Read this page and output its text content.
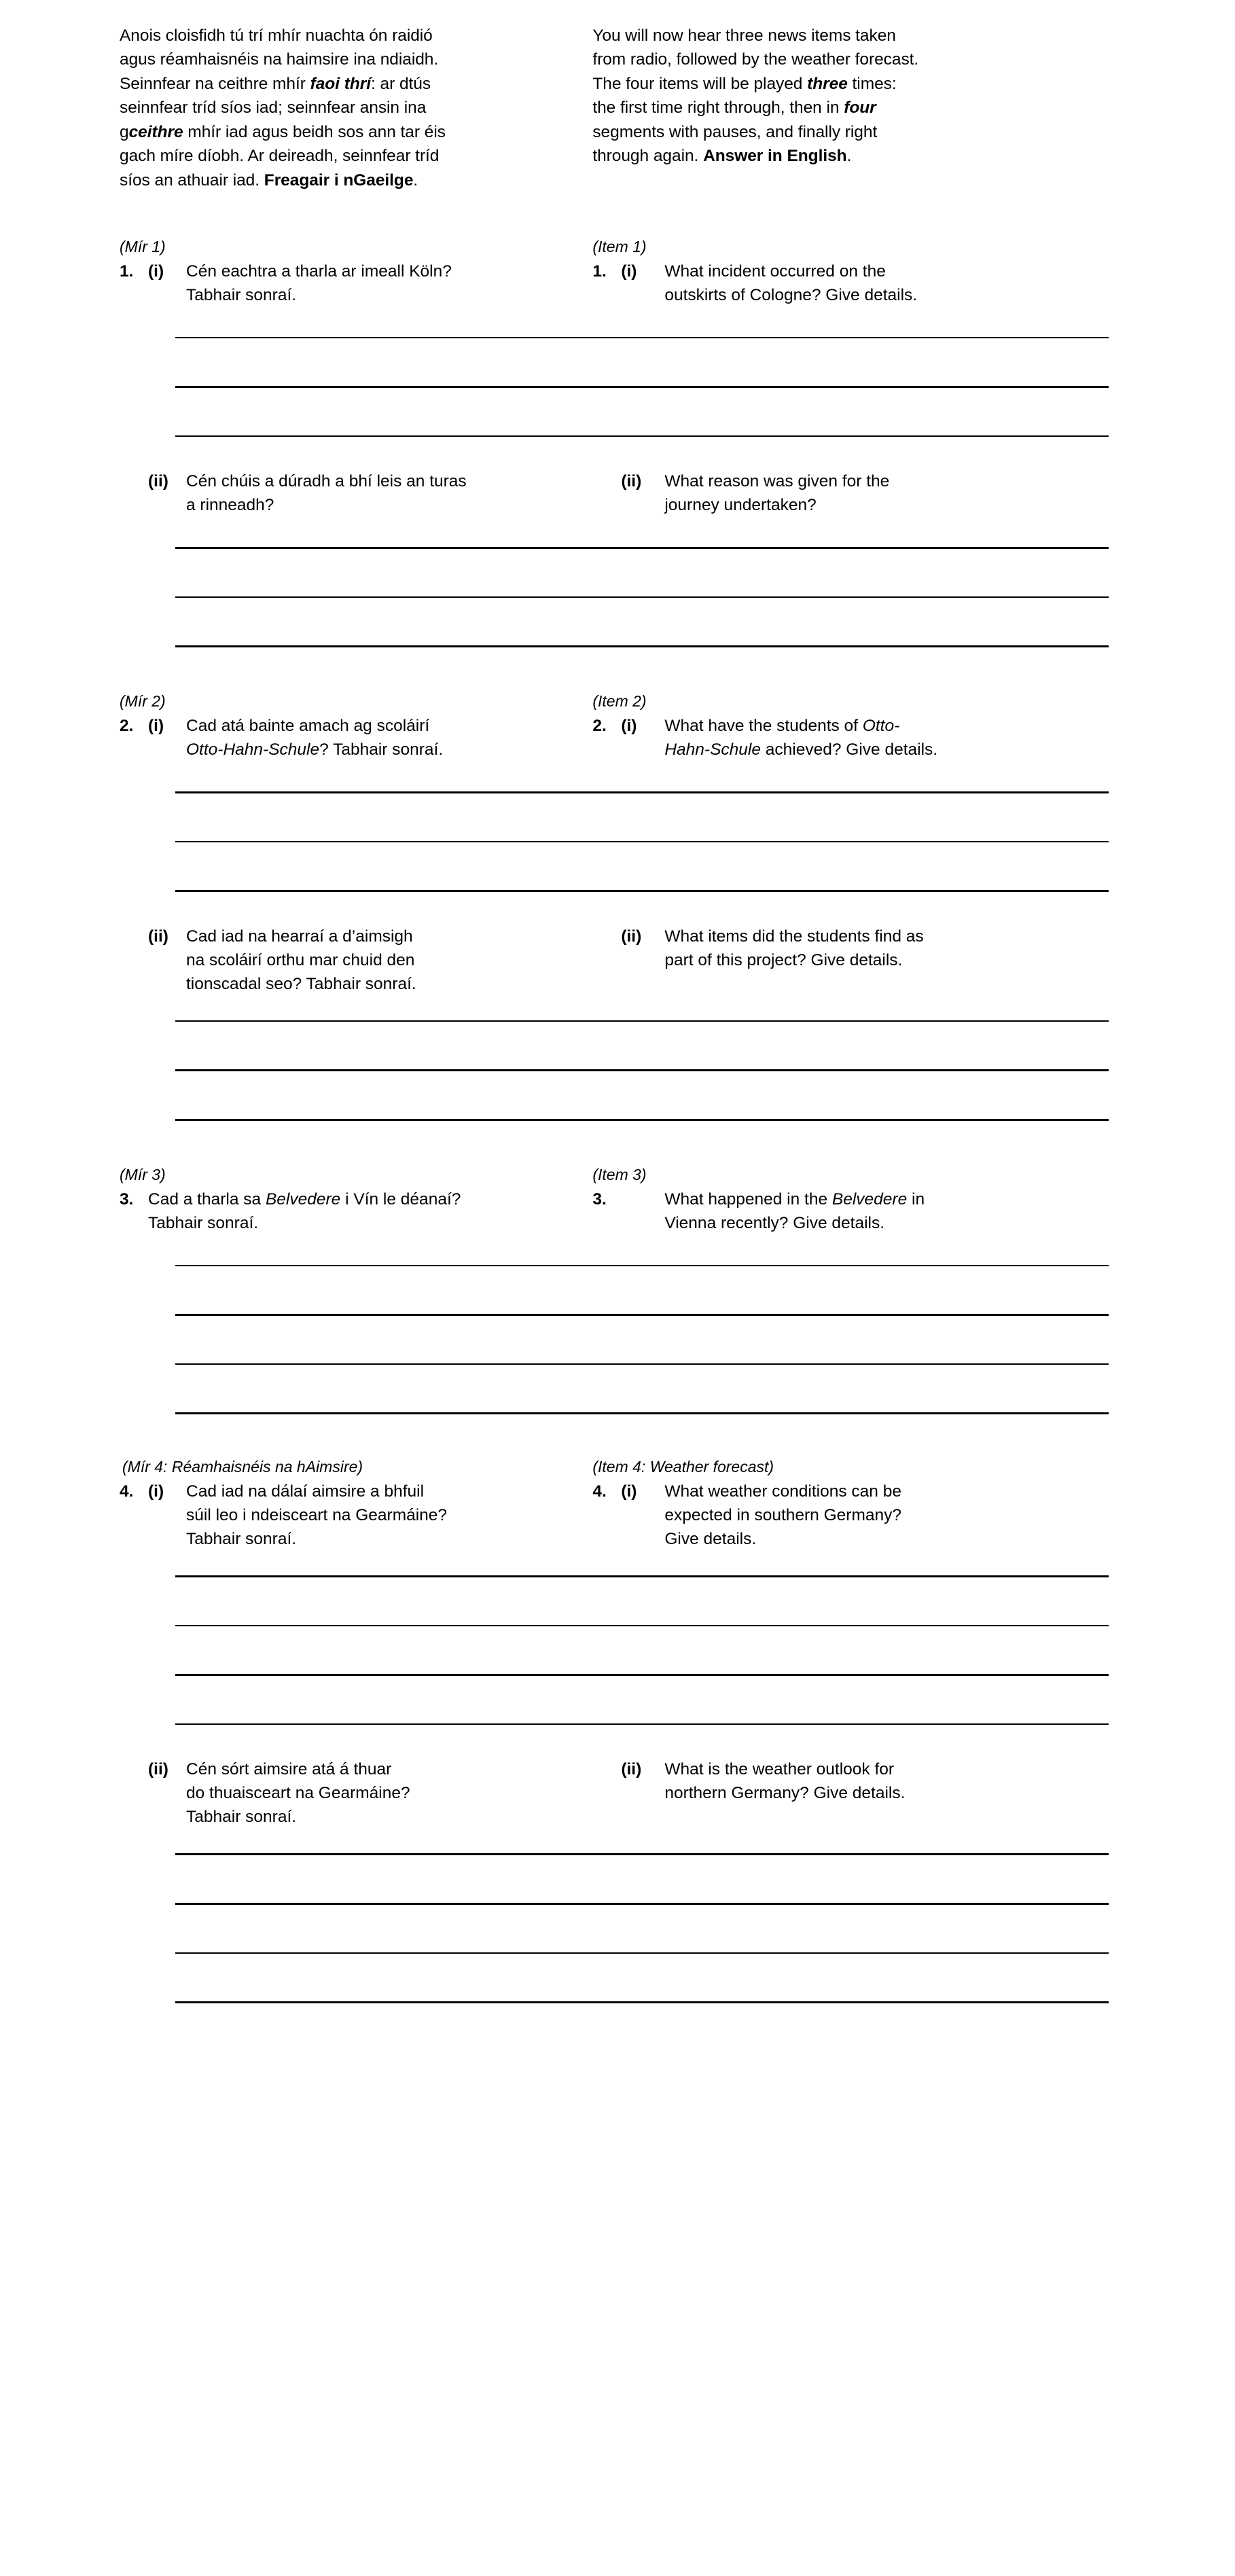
Anois cloisfidh tú trí mhír nuachta ón raidió
agus réamhaisnéis na haimsire ina ndiaidh.
Seinnfear na ceithre mhír faoi thrí: ar dtús
seinnfear tríd síos iad; seinnfear ansin ina
gceithre mhír iad agus beidh sos ann tar éis
gach míre díobh. Ar deireadh, seinnfear tríd
síos an athuair iad. Freagair i nGaeilge.

You will now hear three news items taken
from radio, followed by the weather forecast.
The four items will be played three times:
the first time right through, then in four
segments with pauses, and finally right
through again. Answer in English.

(Mír 1)	(Item 1)
1. (i)	Cén eachtra a tharla ar imeall Köln?
Tabhair sonraí.
1. (i)	What incident occurred on the
outskirts of Cologne? Give details.
(ii)	Cén chúis a dúradh a bhí leis an turas
a rinneadh?
(ii)	What reason was given for the
journey undertaken?
(Mír 2)	(Item 2)
2. (i)	Cad atá bainte amach ag scoláirí
Otto-Hahn-Schule? Tabhair sonraí.
2. (i)	What have the students of Otto-
Hahn-Schule achieved? Give details.
(ii)	Cad iad na hearraí a d’aimsigh
na scoláirí orthu mar chuid den
tionscadal seo? Tabhair sonraí.
(ii)	What items did the students find as
part of this project? Give details.
(Mír 3)	(Item 3)
3. Cad a tharla sa Belvedere i Vín le déanaí?
Tabhair sonraí.
3.	What happened in the Belvedere in
Vienna recently? Give details.
(Mír 4: Réamhaisnéis na hAimsire)	(Item 4: Weather forecast)
4. (i)	Cad iad na dálaí aimsire a bhfuil
súil leo i ndeisceart na Gearmáine?
Tabhair sonraí.
4. (i)	What weather conditions can be
expected in southern Germany?
Give details.
(ii)	Cén sórt aimsire atá á thuar
do thuaisceart na Gearmáine?
Tabhair sonraí.
(ii)	What is the weather outlook for
northern Germany? Give details.
